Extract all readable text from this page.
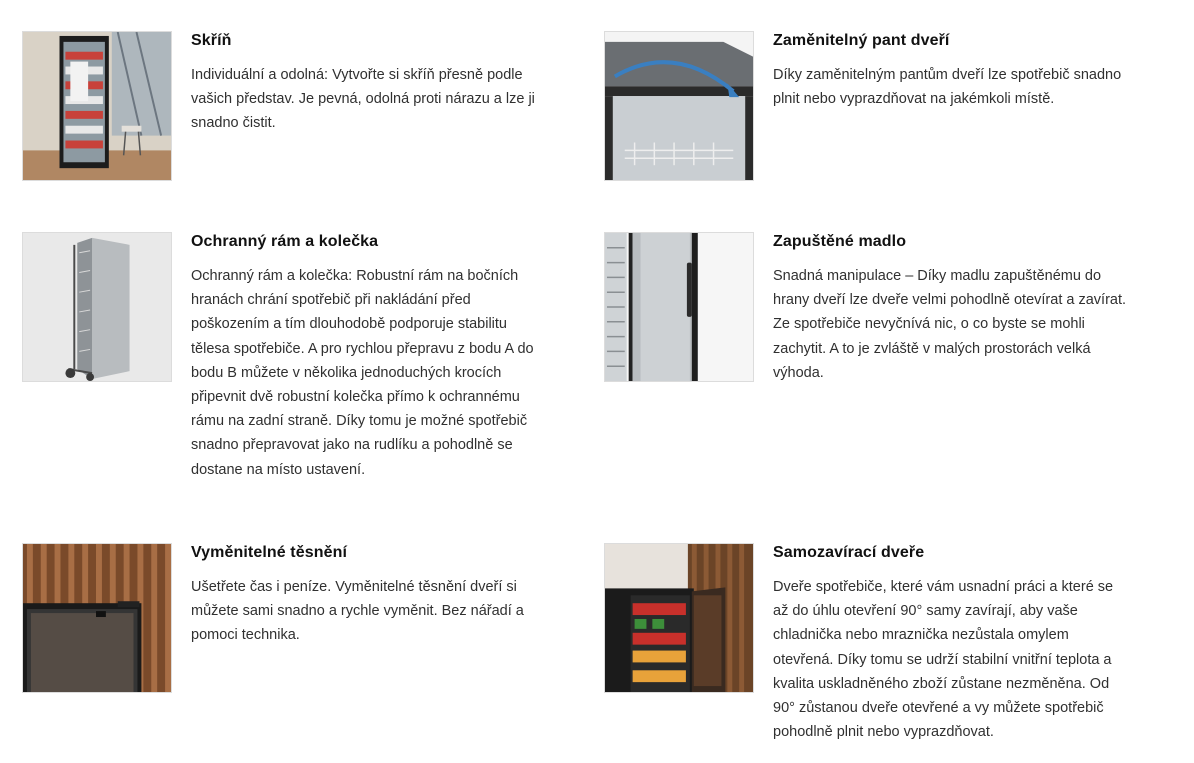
Skříň

Individuální a odolná: Vytvořte si skříň přesně podle
vašich představ. Je pevná, odolná proti nárazu a lze ji
snadno čistit.

Zaměnitelný pant dveří

Díky zaměnitelným pantům dveří lze spotřebič snadno
plnit nebo vyprazdňovat na jakémkoli místě.

Ochranný rám a kolečka

Ochranný rám a kolečka: Robustní rám na bočních
hranách chrání spotřebič při nakládání před
poškozením a tím dlouhodobě podporuje stabilitu
tělesa spotřebiče. A pro rychlou přepravu z bodu A do
bodu B můžete v několika jednoduchých krocích
připevnit dvě robustní kolečka přímo k ochrannému
rámu na zadní straně. Díky tomu je možné spotřebič
snadno přepravovat jako na rudlíku a pohodlně se
dostane na místo ustavení.

Zapuštěné madlo

Snadná manipulace – Díky madlu zapuštěnému do
hrany dveří lze dveře velmi pohodlně otevírat a zavírat.
Ze spotřebiče nevyčnívá nic, o co byste se mohli
zachytit. A to je zvláště v malých prostorách velká
výhoda.

Vyměnitelné těsnění

Ušetřete čas i peníze. Vyměnitelné těsnění dveří si
můžete sami snadno a rychle vyměnit. Bez nářadí a
pomoci technika.

Samozavírací dveře

Dveře spotřebiče, které vám usnadní práci a které se
až do úhlu otevření 90° samy zavírají, aby vaše
chladnička nebo mraznička nezůstala omylem
otevřená. Díky tomu se udrží stabilní vnitřní teplota a
kvalita uskladněného zboží zůstane nezměněna. Od
90° zůstanou dveře otevřené a vy můžete spotřebič
pohodlně plnit nebo vyprazdňovat.
